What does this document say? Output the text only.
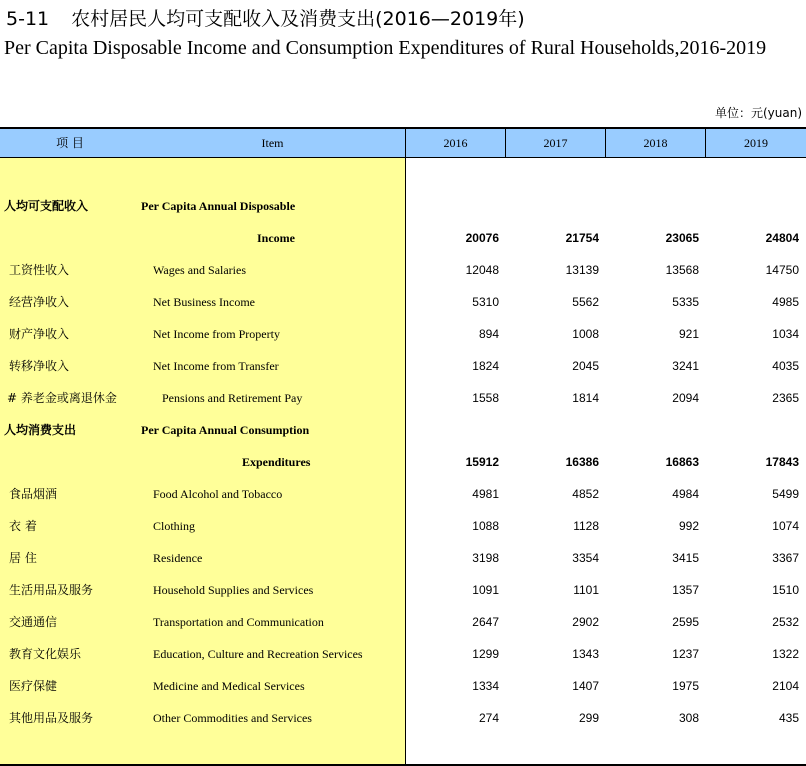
5-11 农村居民人均可支配收入及消费支出(2016—2019年)
Per Capita Disposable Income and Consumption Expenditures of Rural Households,2016-2019
单位：元(yuan)
项 目	Item	2016	2017	2018	2019
人均可支配收入	Per Capita Annual Disposable
Income	20076	21754	23065	24804
工资性收入	Wages and Salaries	12048	13139	13568	14750
经营净收入	Net Business Income	5310	5562	5335	4985
财产净收入	Net Income from Property	894	1008	921	1034
转移净收入	Net Income from Transfer	1824	2045	3241	4035
# 养老金或离退休金	Pensions and Retirement Pay	1558	1814	2094	2365
人均消费支出	Per Capita Annual Consumption
Expenditures	15912	16386	16863	17843
食品烟酒	Food Alcohol and Tobacco	4981	4852	4984	5499
衣 着	Clothing	1088	1128	992	1074
居 住	Residence	3198	3354	3415	3367
生活用品及服务	Household Supplies and Services	1091	1101	1357	1510
交通通信	Transportation and Communication	2647	2902	2595	2532
教育文化娱乐	Education, Culture and Recreation Services	1299	1343	1237	1322
医疗保健	Medicine and Medical Services	1334	1407	1975	2104
其他用品及服务	Other Commodities and Services	274	299	308	435
